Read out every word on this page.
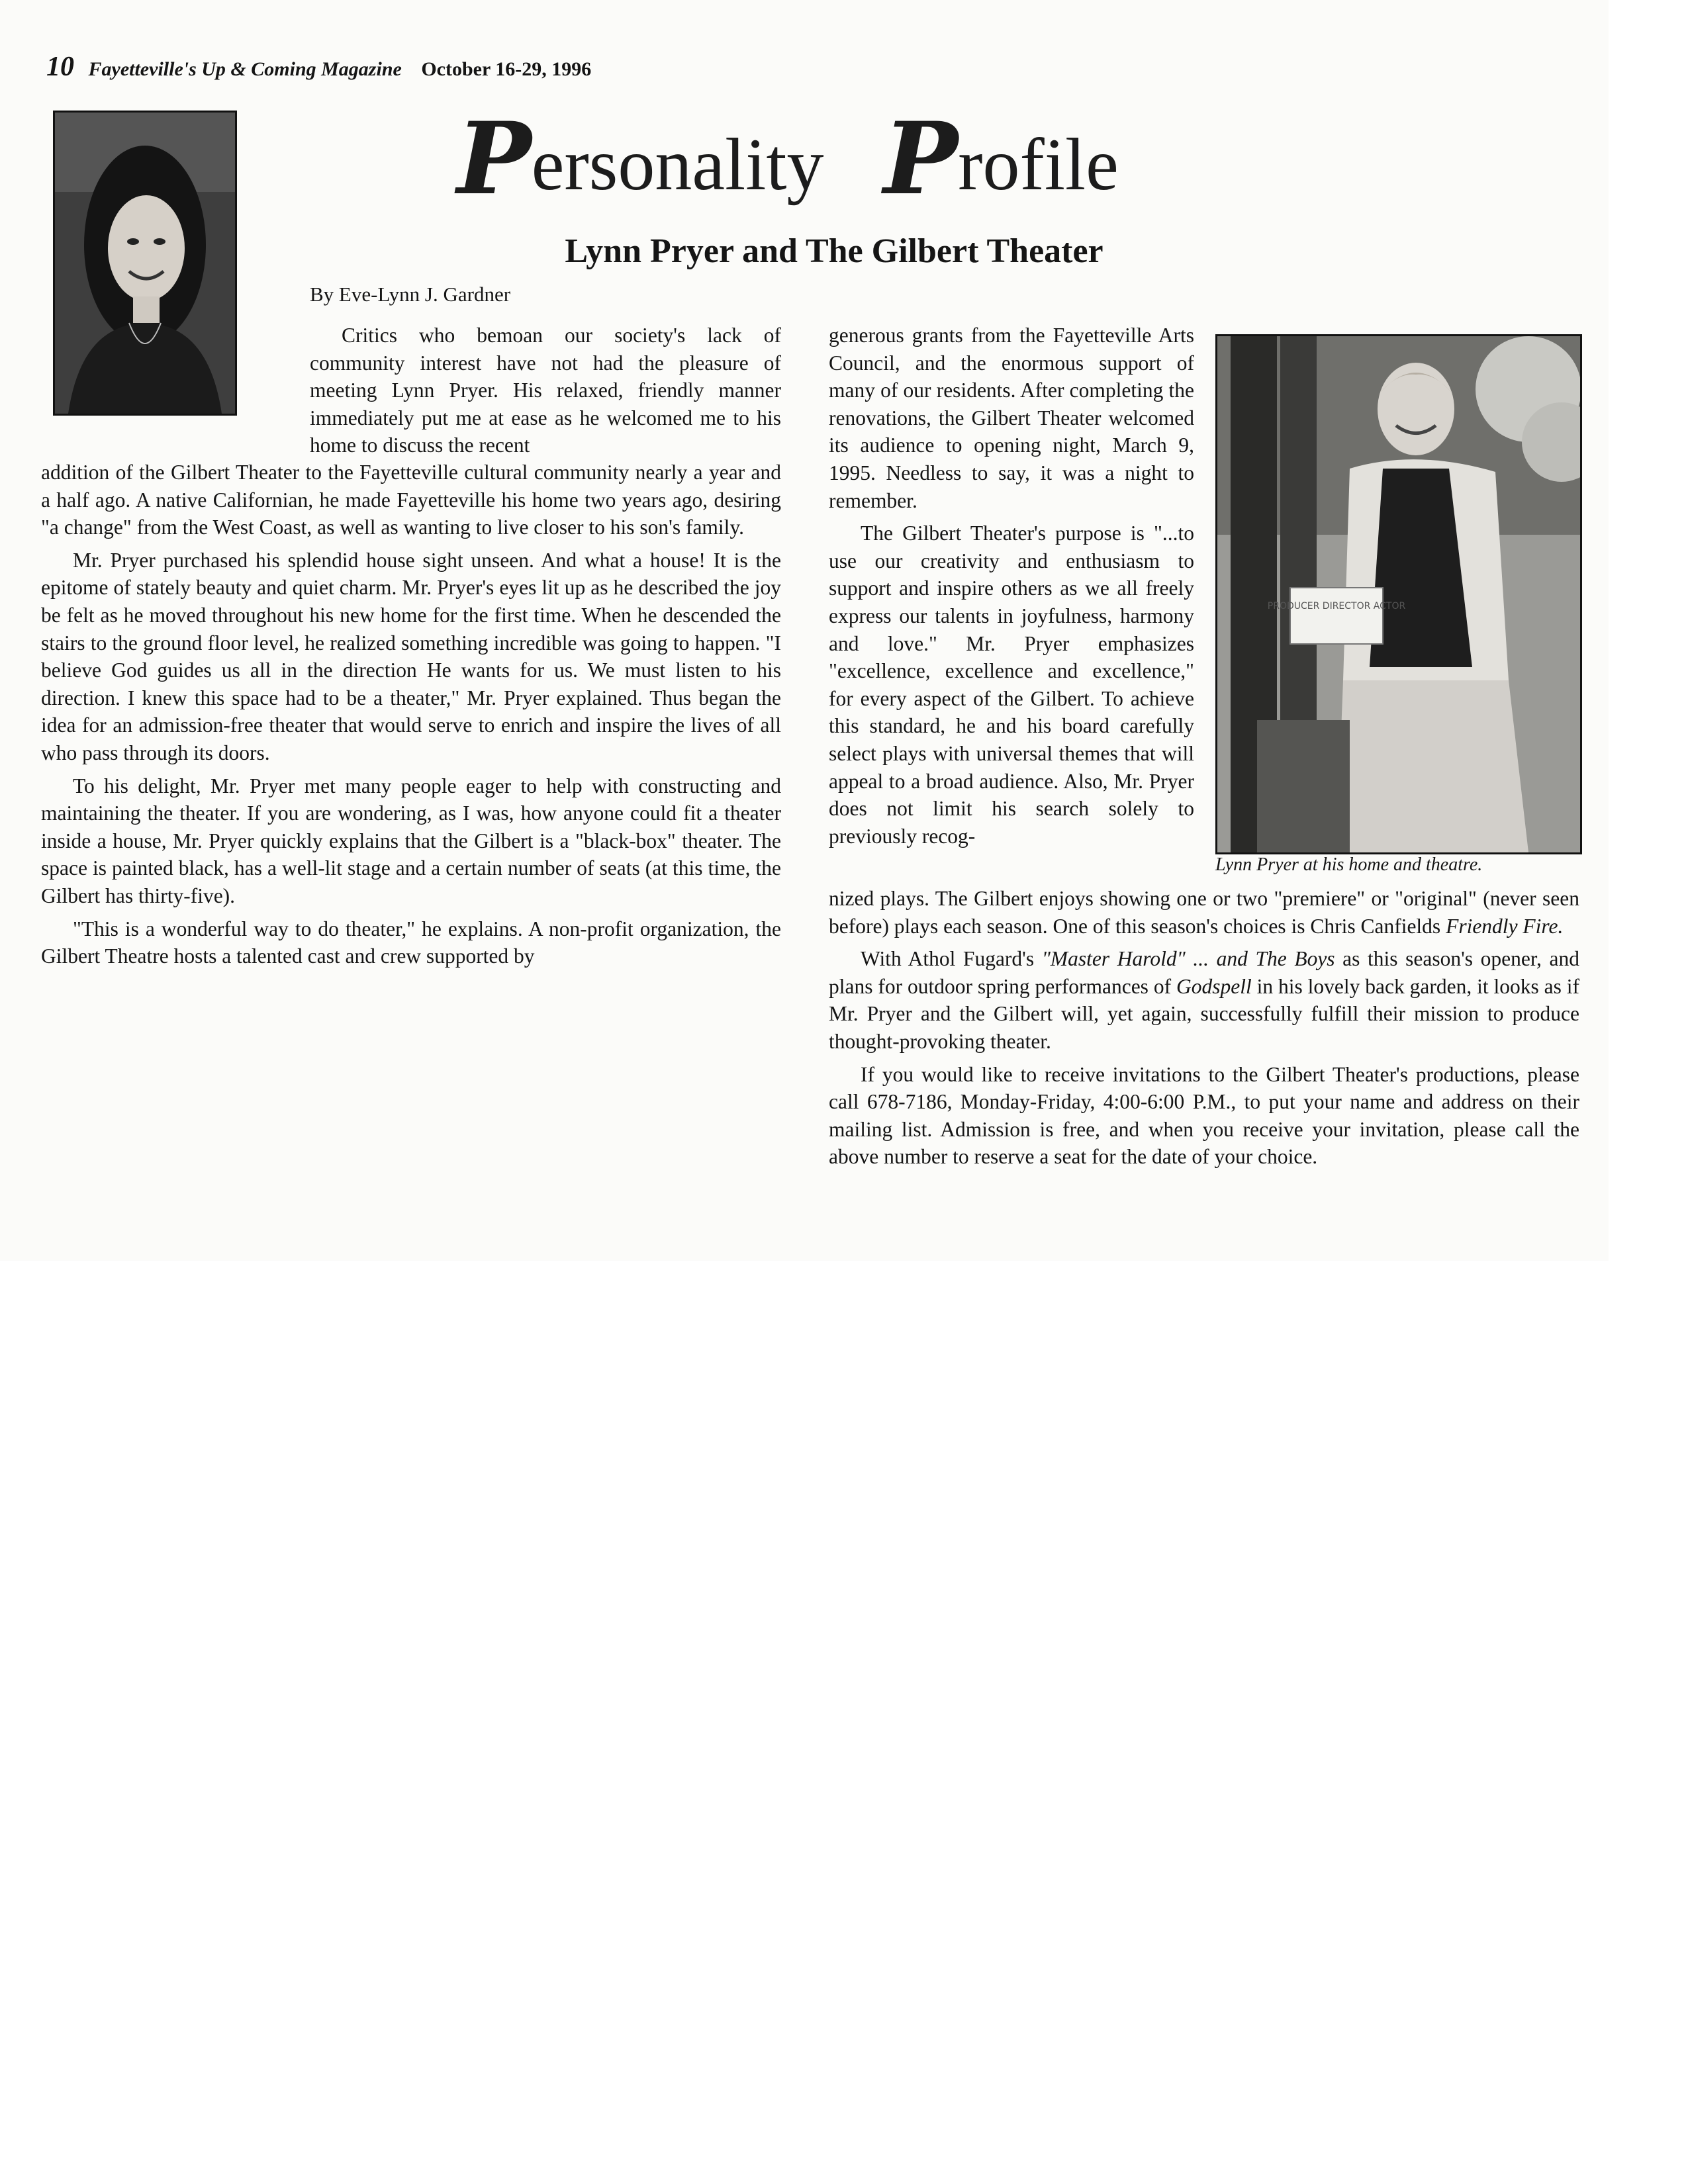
10 Fayetteville's Up & Coming Magazine October 16-29, 1996
Personality Profile
Lynn Pryer and The Gilbert Theater
By Eve-Lynn J. Gardner

Critics who bemoan our society's lack of community interest have not had the pleasure of meeting Lynn Pryer. His relaxed, friendly manner immediately put me at ease as he welcomed me to his home to discuss the recent

addition of the Gilbert Theater to the Fayetteville cultural community nearly a year and a half ago. A native Californian, he made Fayetteville his home two years ago, desiring "a change" from the West Coast, as well as wanting to live closer to his son's family.

Mr. Pryer purchased his splendid house sight unseen. And what a house! It is the epitome of stately beauty and quiet charm. Mr. Pryer's eyes lit up as he described the joy be felt as he moved throughout his new home for the first time. When he descended the stairs to the ground floor level, he realized something incredible was going to happen. "I believe God guides us all in the direction He wants for us. We must listen to his direction. I knew this space had to be a theater," Mr. Pryer explained. Thus began the idea for an admission-free theater that would serve to enrich and inspire the lives of all who pass through its doors.

To his delight, Mr. Pryer met many people eager to help with constructing and maintaining the theater. If you are wondering, as I was, how anyone could fit a theater inside a house, Mr. Pryer quickly explains that the Gilbert is a "black-box" theater. The space is painted black, has a well-lit stage and a certain number of seats (at this time, the Gilbert has thirty-five).

"This is a wonderful way to do theater," he explains. A non-profit organization, the Gilbert Theatre hosts a talented cast and crew supported by

generous grants from the Fayetteville Arts Council, and the enormous support of many of our residents. After completing the renovations, the Gilbert Theater welcomed its audience to opening night, March 9, 1995. Needless to say, it was a night to remember.

The Gilbert Theater's purpose is "...to use our creativity and enthusiasm to support and inspire others as we all freely express our talents in joyfulness, harmony and love." Mr. Pryer emphasizes "excellence, excellence and excellence," for every aspect of the Gilbert. To achieve this standard, he and his board carefully select plays with universal themes that will appeal to a broad audience. Also, Mr. Pryer does not limit his search solely to previously recog-

PRODUCER DIRECTOR ACTOR
Lynn Pryer at his home and theatre.

nized plays. The Gilbert enjoys showing one or two "premiere" or "original" (never seen before) plays each season. One of this season's choices is Chris Canfields Friendly Fire.

With Athol Fugard's "Master Harold" ... and The Boys as this season's opener, and plans for outdoor spring performances of Godspell in his lovely back garden, it looks as if Mr. Pryer and the Gilbert will, yet again, successfully fulfill their mission to produce thought-provoking theater.

If you would like to receive invitations to the Gilbert Theater's productions, please call 678-7186, Monday-Friday, 4:00-6:00 P.M., to put your name and address on their mailing list. Admission is free, and when you receive your invitation, please call the above number to reserve a seat for the date of your choice.
